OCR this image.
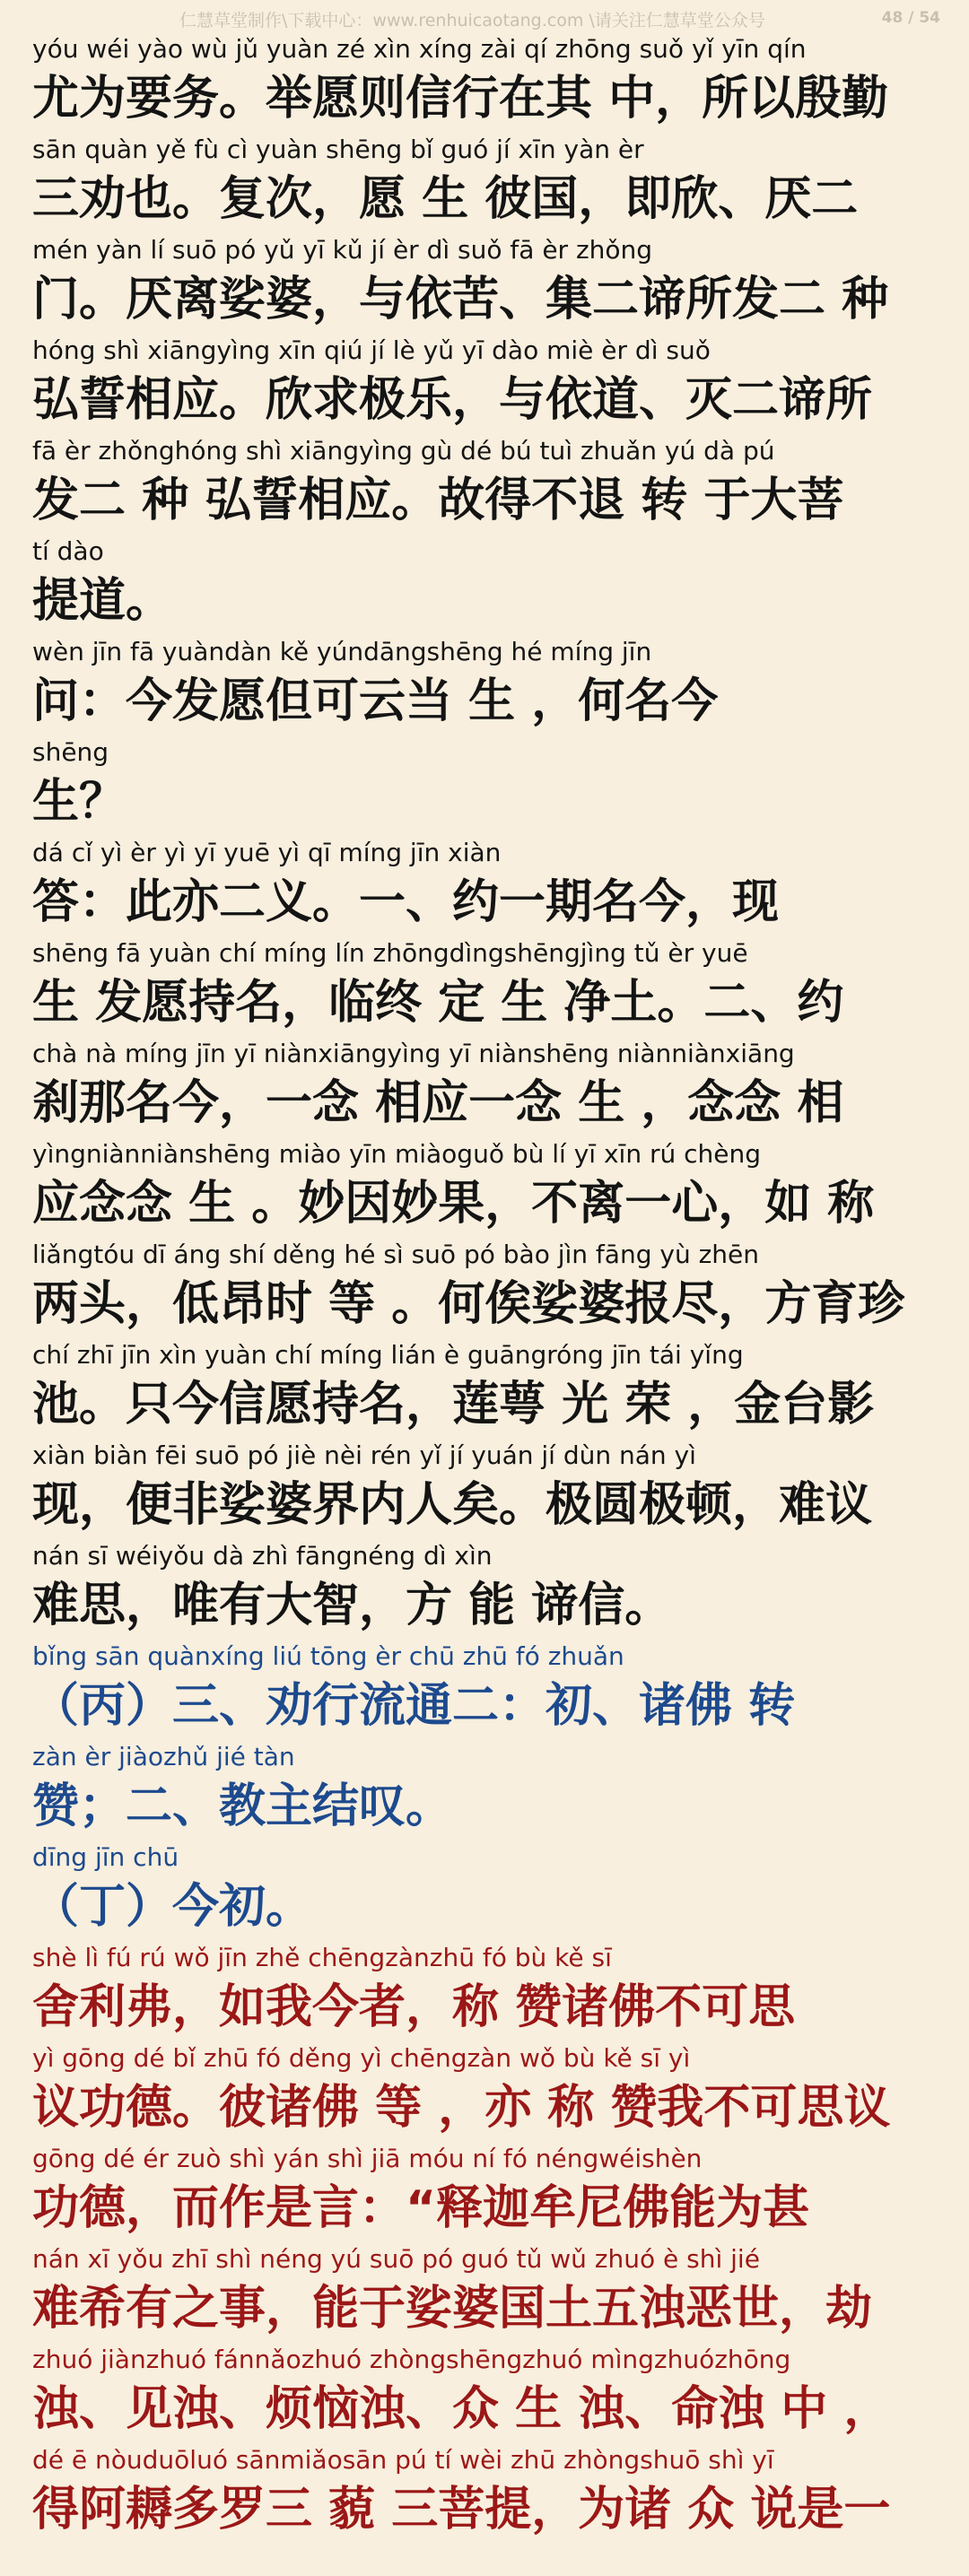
仁慧草堂制作\下载中心：www.renhuicaotang.com \请关注仁慧草堂公众号	48 / 54
yóu wéi yào wù jǔ yuàn zé xìn xíng zài qí zhōng suǒ yǐ yīn qín
尤为要务。举愿则信行在其 中，所以殷勤
sān quàn yě fù cì yuàn shēng bǐ guó jí xīn yàn èr
三劝也。复次，愿 生 彼国，即欣、厌二
mén yàn lí suō pó yǔ yī kǔ jí èr dì suǒ fā èr zhǒng
门。厌离娑婆，与依苦、集二谛所发二 种
hóng shì xiāngyìng xīn qiú jí lè yǔ yī dào miè èr dì suǒ
弘誓相应。欣求极乐，与依道、灭二谛所
fā èr zhǒnghóng shì xiāngyìng gù dé bú tuì zhuǎn yú dà pú
发二 种 弘誓相应。故得不退 转 于大菩
tí dào
提道。
wèn jīn fā yuàndàn kě yúndāngshēng hé míng jīn
问：今发愿但可云当 生 ，何名今
shēng
生？
dá cǐ yì èr yì yī yuē yì qī míng jīn xiàn
答：此亦二义。一、约一期名今，现
shēng fā yuàn chí míng lín zhōngdìngshēngjìng tǔ èr yuē
生 发愿持名，临终 定 生 净土。二、约
chà nà míng jīn yī niànxiāngyìng yī niànshēng niànniànxiāng
刹那名今，一念 相应一念 生 ，念念 相
yìngniànniànshēng miào yīn miàoguǒ bù lí yī xīn rú chèng
应念念 生 。妙因妙果，不离一心，如 称
liǎngtóu dī áng shí děng hé sì suō pó bào jìn fāng yù zhēn
两头，低昂时 等 。何俟娑婆报尽，方育珍
chí zhī jīn xìn yuàn chí míng lián è guāngróng jīn tái yǐng
池。只今信愿持名，莲萼 光 荣 ，金台影
xiàn biàn fēi suō pó jiè nèi rén yǐ jí yuán jí dùn nán yì
现，便非娑婆界内人矣。极圆极顿，难议
nán sī wéiyǒu dà zhì fāngnéng dì xìn
难思，唯有大智，方 能 谛信。
bǐng sān quànxíng liú tōng èr chū zhū fó zhuǎn
（丙）三、劝行流通二：初、诸佛 转
zàn èr jiàozhǔ jié tàn
赞；二、教主结叹。
dīng jīn chū
（丁）今初。
shè lì fú rú wǒ jīn zhě chēngzànzhū fó bù kě sī
舍利弗，如我今者，称 赞诸佛不可思
yì gōng dé bǐ zhū fó děng yì chēngzàn wǒ bù kě sī yì
议功德。彼诸佛 等 ，亦 称 赞我不可思议
gōng dé ér zuò shì yán shì jiā móu ní fó néngwéishèn
功德，而作是言：“释迦牟尼佛能为甚
nán xī yǒu zhī shì néng yú suō pó guó tǔ wǔ zhuó è shì jié
难希有之事，能于娑婆国土五浊恶世，劫
zhuó jiànzhuó fánnǎozhuó zhòngshēngzhuó mìngzhuózhōng
浊、见浊、烦恼浊、众 生 浊、命浊 中 ，
dé ē nòuduōluó sānmiǎosān pú tí wèi zhū zhòngshuō shì yī
得阿耨多罗三 藐 三菩提，为诸 众 说是一
